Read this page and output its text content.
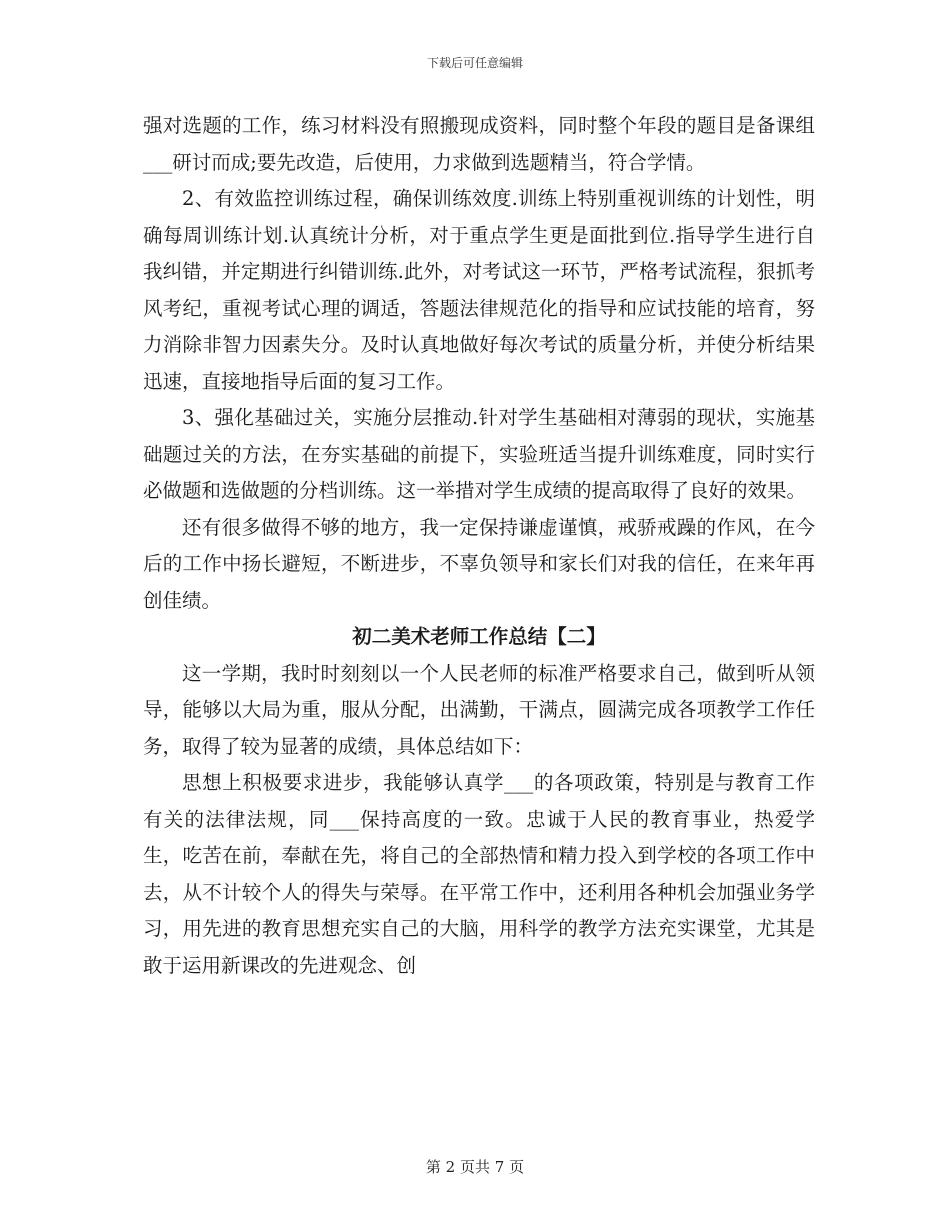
下载后可任意编辑

强对选题的工作，练习材料没有照搬现成资料，同时整个年段的题目是备课组___研讨而成;要先改造，后使用，力求做到选题精当，符合学情。

2、有效监控训练过程，确保训练效度.训练上特别重视训练的计划性，明确每周训练计划.认真统计分析，对于重点学生更是面批到位.指导学生进行自我纠错，并定期进行纠错训练.此外，对考试这一环节，严格考试流程，狠抓考风考纪，重视考试心理的调适，答题法律规范化的指导和应试技能的培育，努力消除非智力因素失分。及时认真地做好每次考试的质量分析，并使分析结果迅速，直接地指导后面的复习工作。

3、强化基础过关，实施分层推动.针对学生基础相对薄弱的现状，实施基础题过关的方法，在夯实基础的前提下，实验班适当提升训练难度，同时实行必做题和选做题的分档训练。这一举措对学生成绩的提高取得了良好的效果。

还有很多做得不够的地方，我一定保持谦虚谨慎，戒骄戒躁的作风，在今后的工作中扬长避短，不断进步，不辜负领导和家长们对我的信任，在来年再创佳绩。

初二美术老师工作总结【二】

这一学期，我时时刻刻以一个人民老师的标准严格要求自己，做到听从领导，能够以大局为重，服从分配，出满勤，干满点，圆满完成各项教学工作任务，取得了较为显著的成绩，具体总结如下：

思想上积极要求进步，我能够认真学___的各项政策，特别是与教育工作有关的法律法规，同___保持高度的一致。忠诚于人民的教育事业，热爱学生，吃苦在前，奉献在先，将自己的全部热情和精力投入到学校的各项工作中去，从不计较个人的得失与荣辱。在平常工作中，还利用各种机会加强业务学习，用先进的教育思想充实自己的大脑，用科学的教学方法充实课堂，尤其是敢于运用新课改的先进观念、创

第 2 页共 7 页
